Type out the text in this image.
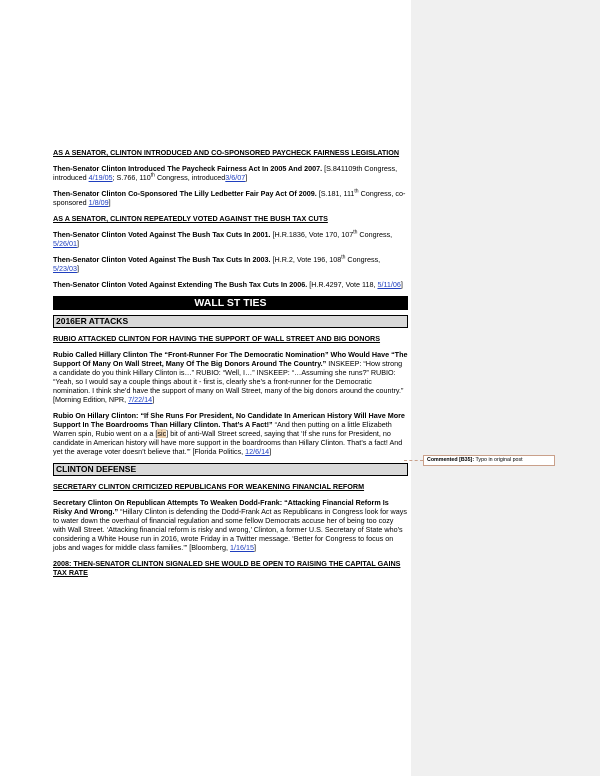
AS A SENATOR, CLINTON INTRODUCED AND CO-SPONSORED PAYCHECK FAIRNESS LEGISLATION
Then-Senator Clinton Introduced The Paycheck Fairness Act In 2005 And 2007. [S.841109th Congress, introduced 4/19/05; S.766, 110th Congress, introduced3/6/07]
Then-Senator Clinton Co-Sponsored The Lilly Ledbetter Fair Pay Act Of 2009. [S.181, 111th Congress, co-sponsored 1/8/09]
AS A SENATOR, CLINTON REPEATEDLY VOTED AGAINST THE BUSH TAX CUTS
Then-Senator Clinton Voted Against The Bush Tax Cuts In 2001. [H.R.1836, Vote 170, 107th Congress, 5/26/01]
Then-Senator Clinton Voted Against The Bush Tax Cuts In 2003. [H.R.2, Vote 196, 108th Congress, 5/23/03]
Then-Senator Clinton Voted Against Extending The Bush Tax Cuts In 2006. [H.R.4297, Vote 118, 5/11/06]
WALL ST TIES
2016ER ATTACKS
RUBIO ATTACKED CLINTON FOR HAVING THE SUPPORT OF WALL STREET AND BIG DONORS
Rubio Called Hillary Clinton The “Front-Runner For The Democratic Nomination” Who Would Have “The Support Of Many On Wall Street, Many Of The Big Donors Around The Country.” INSKEEP: “How strong a candidate do you think Hillary Clinton is…” RUBIO: “Well, I…” INSKEEP: “…Assuming she runs?” RUBIO: “Yeah, so I would say a couple things about it - first is, clearly she’s a front-runner for the Democratic nomination. I think she’d have the support of many on Wall Street, many of the big donors around the country.” [Morning Edition, NPR, 7/22/14]
Rubio On Hillary Clinton: “If She Runs For President, No Candidate In American History Will Have More Support In The Boardrooms Than Hillary Clinton. That’s A Fact!” “And then putting on a little Elizabeth Warren spin, Rubio went on a a [sic] bit of anti-Wall Street screed, saying that ‘If she runs for President, no candidate in American history will have more support in the boardrooms than Hillary Clinton. That’s a fact! And yet the average voter doesn’t believe that.’” [Florida Politics, 12/6/14]
CLINTON DEFENSE
SECRETARY CLINTON CRITICIZED REPUBLICANS FOR WEAKENING FINANCIAL REFORM
Secretary Clinton On Republican Attempts To Weaken Dodd-Frank: “Attacking Financial Reform Is Risky And Wrong.” “Hillary Clinton is defending the Dodd-Frank Act as Republicans in Congress look for ways to water down the overhaul of financial regulation and some fellow Democrats accuse her of being too cozy with Wall Street. ‘Attacking financial reform is risky and wrong,’ Clinton, a former U.S. Secretary of State who’s considering a White House run in 2016, wrote Friday in a Twitter message. ‘Better for Congress to focus on jobs and wages for middle class families.’” [Bloomberg, 1/16/15]
2008: THEN-SENATOR CLINTON SIGNALED SHE WOULD BE OPEN TO RAISING THE CAPITAL GAINS TAX RATE
Commented [B35]: Typo in original post
